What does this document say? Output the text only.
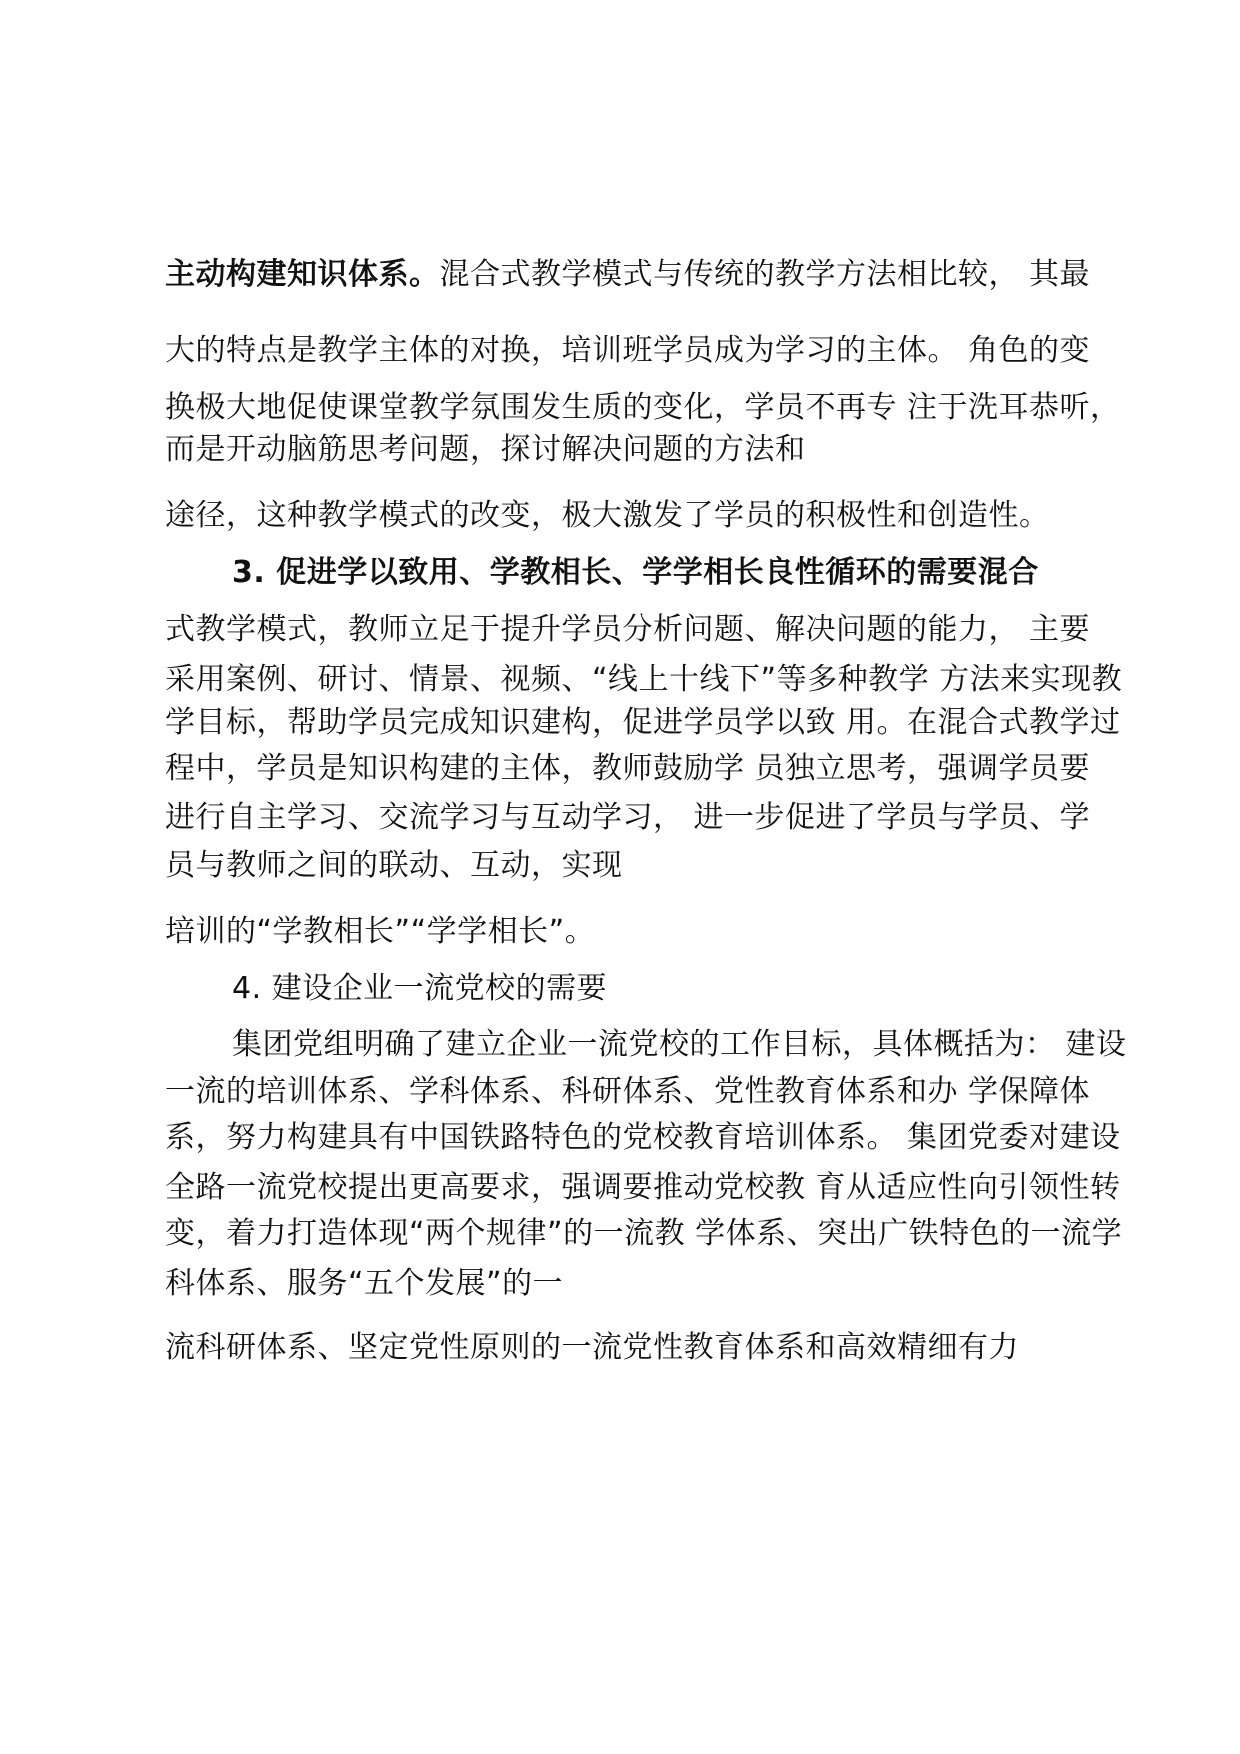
主动构建知识体系。混合式教学模式与传统的教学方法相比较， 其最

大的特点是教学主体的对换，培训班学员成为学习的主体。 角色的变

换极大地促使课堂教学氛围发生质的变化，学员不再专 注于洗耳恭听，

而是开动脑筋思考问题，探讨解决问题的方法和

途径，这种教学模式的改变，极大激发了学员的积极性和创造性。

3. 促进学以致用、学教相长、学学相长良性循环的需要混合

式教学模式，教师立足于提升学员分析问题、解决问题的能力， 主要

采用案例、研讨、情景、视频、“线上十线下”等多种教学 方法来实现教

学目标，帮助学员完成知识建构，促进学员学以致 用。在混合式教学过

程中，学员是知识构建的主体，教师鼓励学 员独立思考，强调学员要

进行自主学习、交流学习与互动学习， 进一步促进了学员与学员、学

员与教师之间的联动、互动，实现

培训的“学教相长”“学学相长”。

4. 建设企业一流党校的需要

集团党组明确了建立企业一流党校的工作目标，具体概括为： 建设

一流的培训体系、学科体系、科研体系、党性教育体系和办 学保障体

系，努力构建具有中国铁路特色的党校教育培训体系。 集团党委对建设

全路一流党校提出更高要求，强调要推动党校教 育从适应性向引领性转

变，着力打造体现“两个规律”的一流教 学体系、突出广铁特色的一流学

科体系、服务“五个发展”的一

流科研体系、坚定党性原则的一流党性教育体系和高效精细有力
